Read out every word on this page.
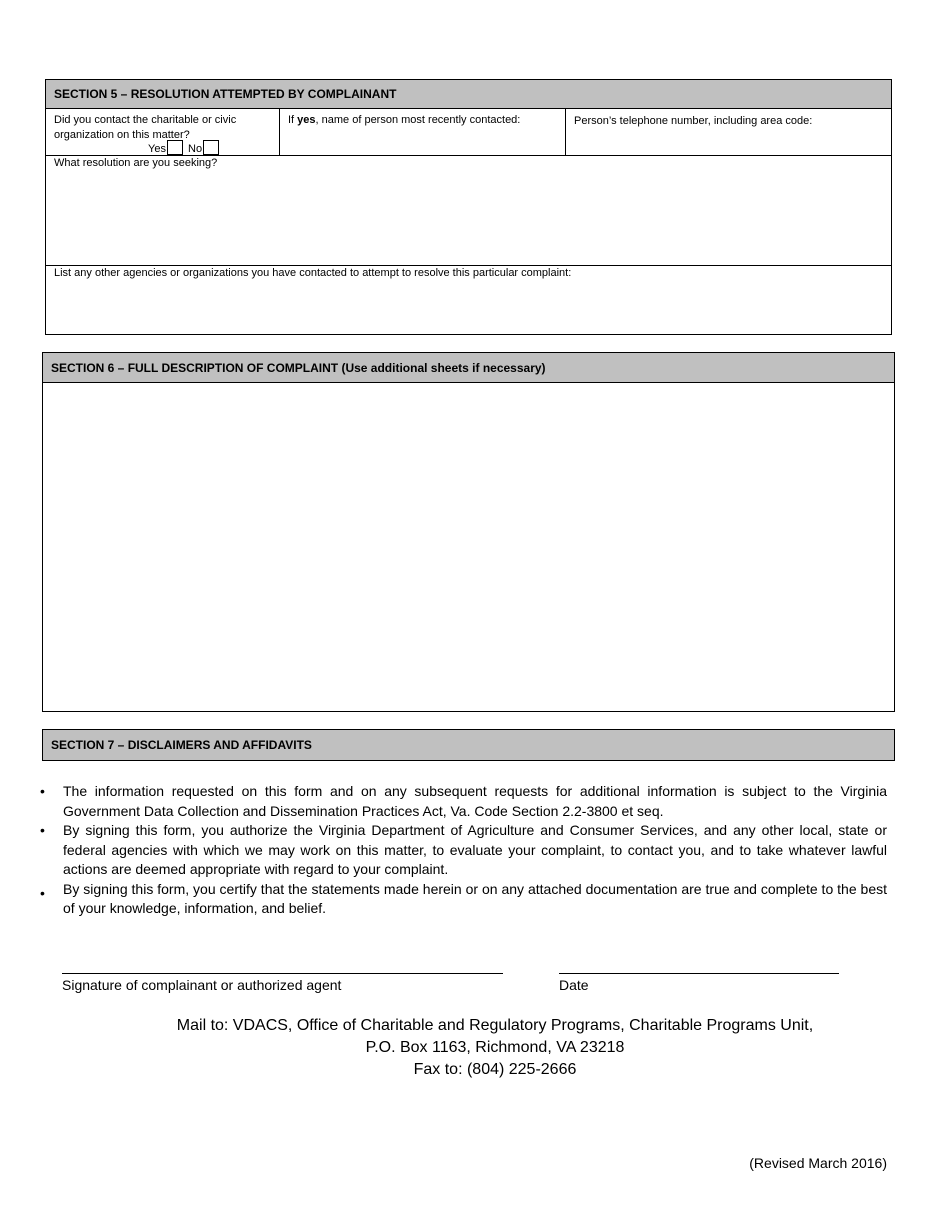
SECTION 5 – RESOLUTION ATTEMPTED BY COMPLAINANT
Did you contact the charitable or civic organization on this matter?
Yes No
If yes, name of person most recently contacted:	Person’s telephone number, including area code:
What resolution are you seeking?
List any other agencies or organizations you have contacted to attempt to resolve this particular complaint:
SECTION 6 – FULL DESCRIPTION OF COMPLAINT (Use additional sheets if necessary)
SECTION 7 – DISCLAIMERS AND AFFIDAVITS
• The information requested on this form and on any subsequent requests for additional information is subject to the Virginia Government Data Collection and Dissemination Practices Act, Va. Code Section 2.2-3800 et seq.
• By signing this form, you authorize the Virginia Department of Agriculture and Consumer Services, and any other local, state or federal agencies with which we may work on this matter, to evaluate your complaint, to contact you, and to take whatever lawful actions are deemed appropriate with regard to your complaint.
• By signing this form, you certify that the statements made herein or on any attached documentation are true and complete to the best of your knowledge, information, and belief.
Signature of complainant or authorized agent	Date
Mail to: VDACS, Office of Charitable and Regulatory Programs, Charitable Programs Unit,
P.O. Box 1163, Richmond, VA 23218
Fax to: (804) 225-2666
(Revised March 2016)
